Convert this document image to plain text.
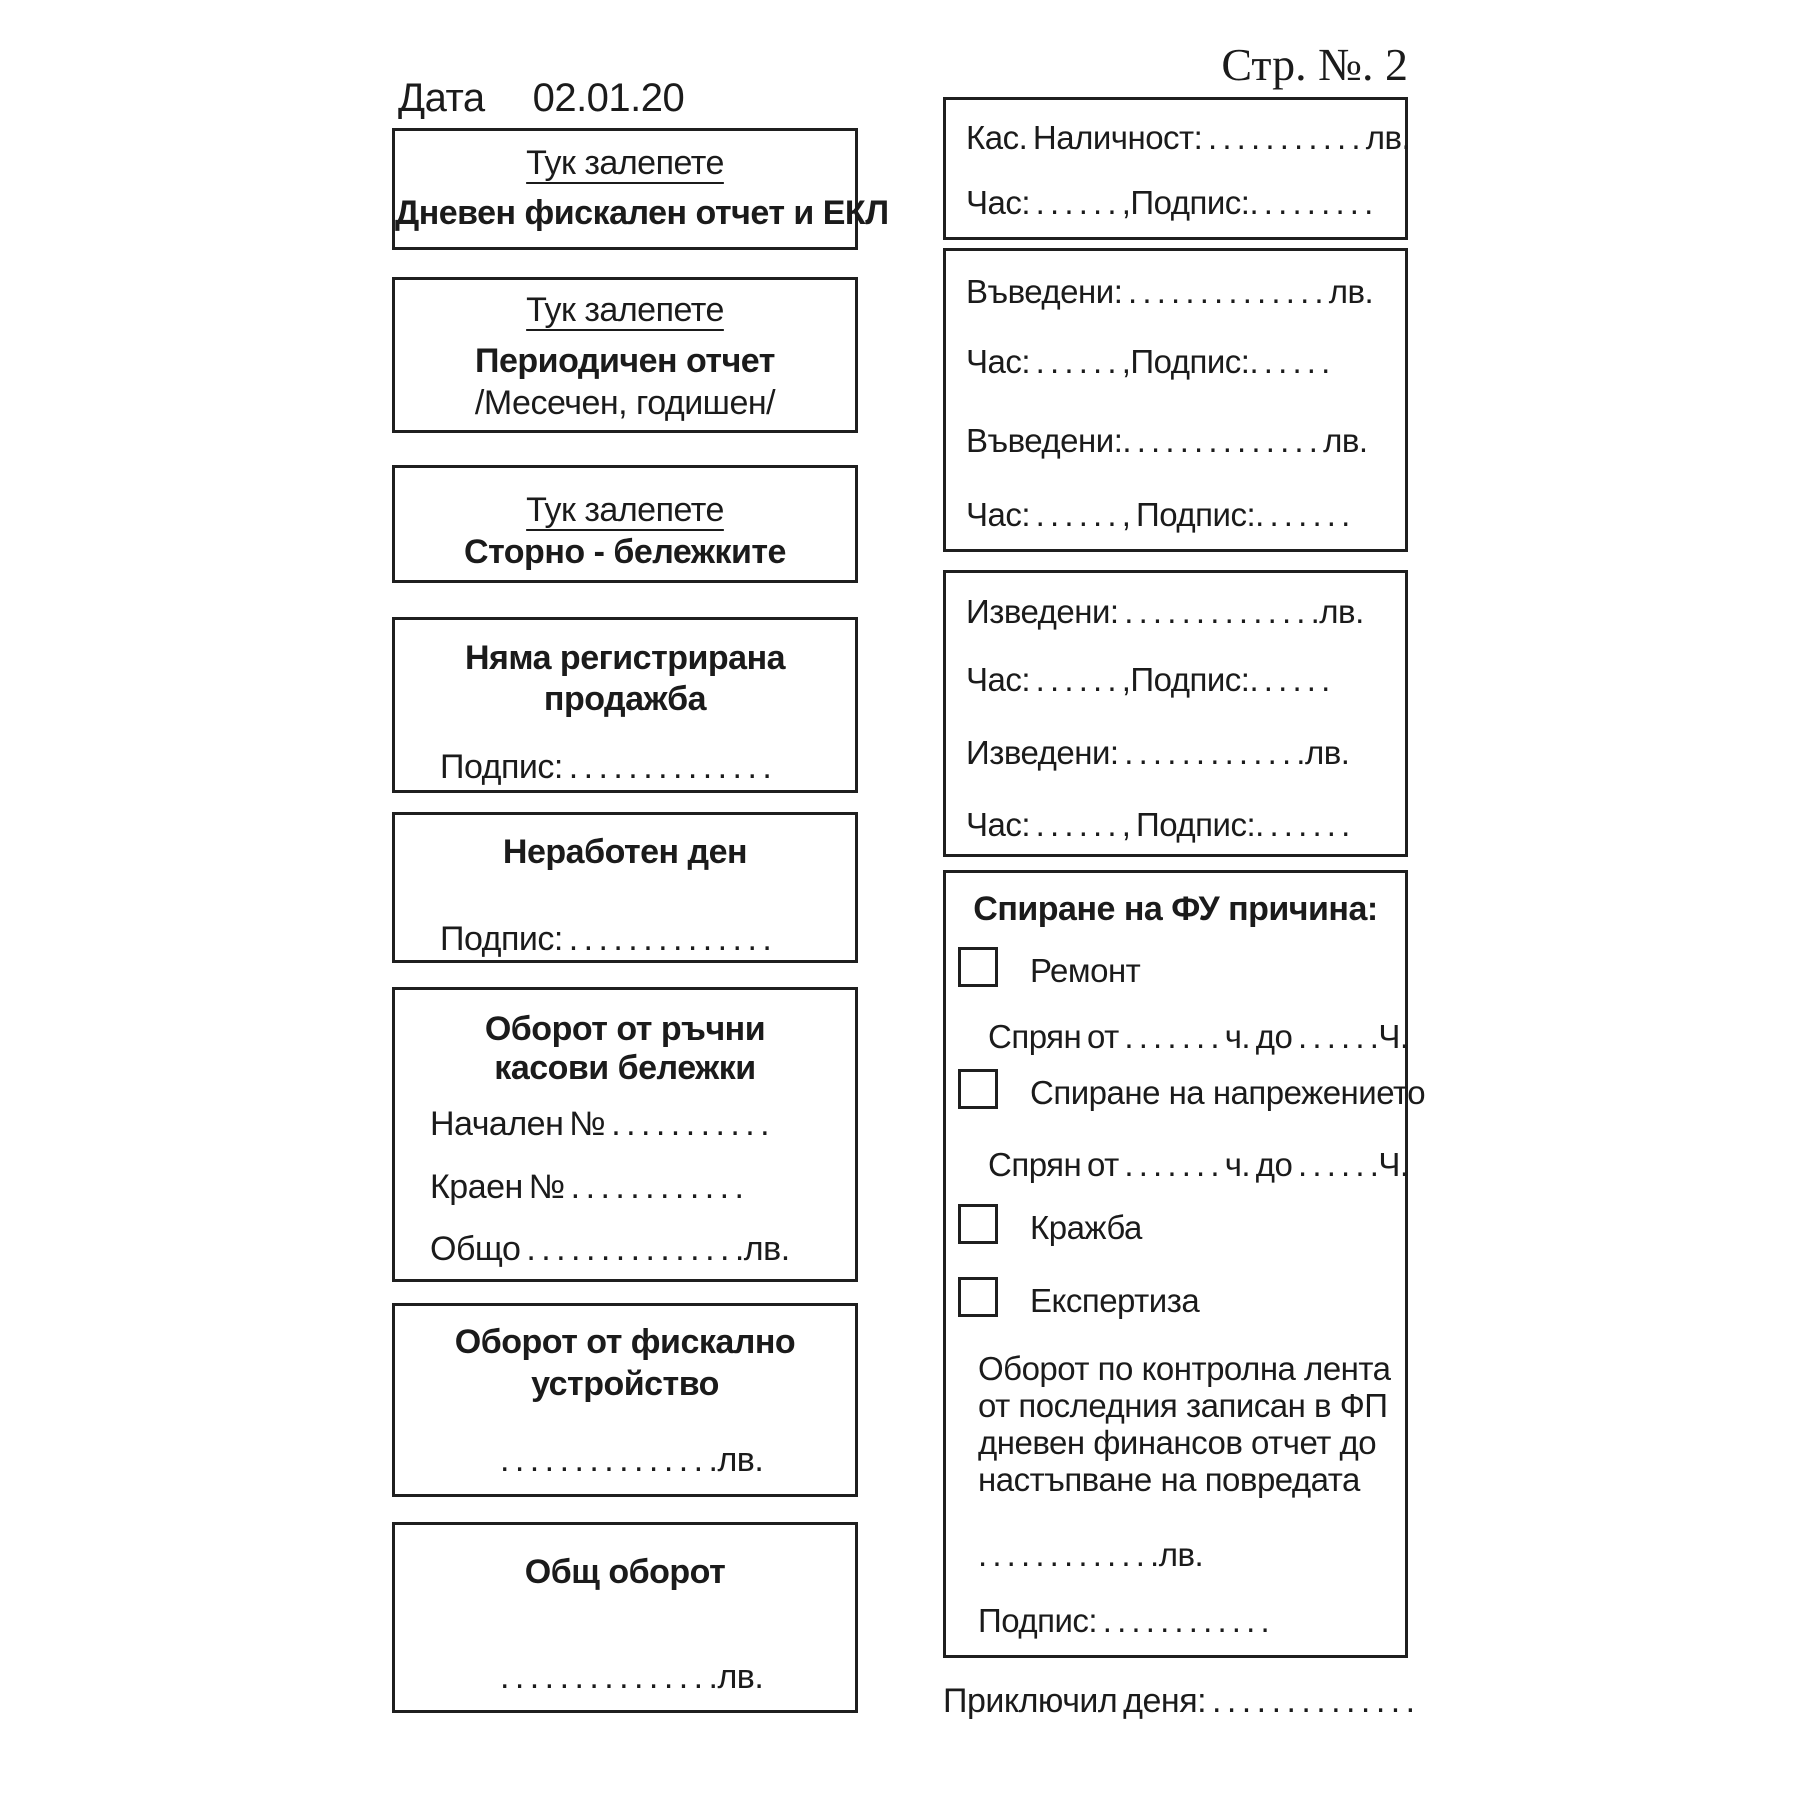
Дата 02.01.20
Стр. №. 2
Тук залепете
Дневен фискален отчет и ЕКЛ
Тук залепете
Периодичен отчет
/Месечен, годишен/
Тук залепете
Сторно - бележките
Няма регистрирана
продажба
Подпис: . . . . . . . . . . . . . .
Неработен ден
Подпис: . . . . . . . . . . . . . .
Оборот от ръчни
касови бележки
Начален № . . . . . . . . . . .
Краен № . . . . . . . . . . . .
Общо . . . . . . . . . . . . . . .лв.
Оборот от фискално
устройство
. . . . . . . . . . . . . . .лв.
Общ оборот
. . . . . . . . . . . . . . .лв.
Кас. Наличност: . . . . . . . . . . . лв.
Час: . . . . . . ,Подпис:. . . . . . . . .
Въведени: . . . . . . . . . . . . . . лв.
Час: . . . . . . ,Подпис:. . . . . .
Въведени:. . . . . . . . . . . . . . лв.
Час: . . . . . . , Подпис:. . . . . . .
Изведени: . . . . . . . . . . . . . .лв.
Час: . . . . . . ,Подпис:. . . . . .
Изведени: . . . . . . . . . . . . .лв.
Час: . . . . . . , Подпис:. . . . . . .
Спиране на ФУ причина:
Ремонт
Спрян от . . . . . . . ч. до . . . . . .Ч.
Спиране на напрежението
Спрян от . . . . . . . ч. до . . . . . .Ч.
Кражба
Експертиза
Оборот по контролна лента
от последния записан в ФП
дневен финансов отчет до
настъпване на повредата
. . . . . . . . . . . . .лв.
Подпис: . . . . . . . . . . . .
Приключил деня: . . . . . . . . . . . . . .
